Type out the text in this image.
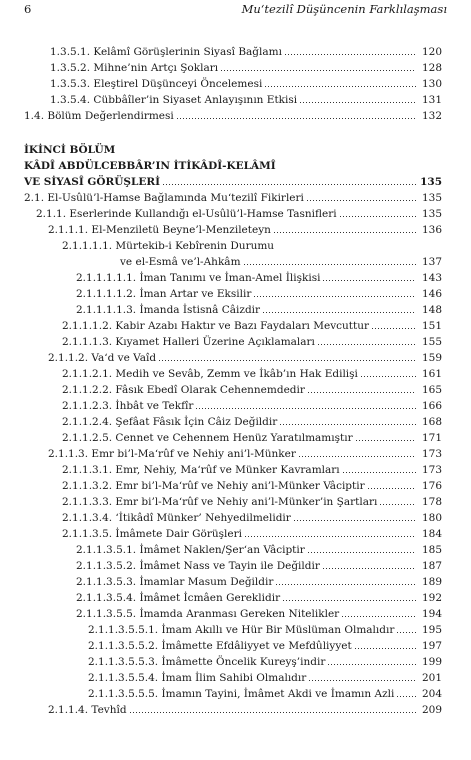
6	Mu‘tezilî Düşüncenin Farklılaşması
1.3.5.1. Kelâmî Görüşlerinin Siyasî Bağlamı	120
1.3.5.2. Mihne’nin Artçı Şokları	128
1.3.5.3. Eleştirel Düşünceyi Öncelemesi	130
1.3.5.4. Cübbâîler’in Siyaset Anlayışının Etkisi	131
1.4. Bölüm Değerlendirmesi	132
İKİNCİ BÖLÜM
KÂDÎ ABDÜLCEBBÂR’IN İTİKÂDÎ-KELÂMÎ
VE SİYASÎ GÖRÜŞLERİ	135
2.1. El-Usûlü’l-Hamse Bağlamında Mu‘tezilî Fikirleri	135
2.1.1. Eserlerinde Kullandığı el-Usûlü’l-Hamse Tasnifleri	135
2.1.1.1. El-Menziletü Beyne’l-Menzileteyn	136
2.1.1.1.1. Mürtekib-i Kebîrenin Durumu
ve el-Esmâ ve’l-Ahkâm	137
2.1.1.1.1.1. İman Tanımı ve İman-Amel İlişkisi	143
2.1.1.1.1.2. İman Artar ve Eksilir	146
2.1.1.1.1.3. İmanda İstisnâ Câizdir	148
2.1.1.1.2. Kabir Azabı Haktır ve Bazı Faydaları Mevcuttur	151
2.1.1.1.3. Kıyamet Halleri Üzerine Açıklamaları	155
2.1.1.2. Va‘d ve Vaîd	159
2.1.1.2.1. Medih ve Sevâb, Zemm ve İkâb’ın Hak Edilişi	161
2.1.1.2.2. Fâsık Ebedî Olarak Cehennemdedir	165
2.1.1.2.3. İhbât ve Tekfîr	166
2.1.1.2.4. Şefâat Fâsık İçin Câiz Değildir	168
2.1.1.2.5. Cennet ve Cehennem Henüz Yaratılmamıştır	171
2.1.1.3. Emr bi’l-Ma‘rûf ve Nehiy ani’l-Münker	173
2.1.1.3.1. Emr, Nehiy, Ma‘rûf ve Münker Kavramları	173
2.1.1.3.2. Emr bi’l-Ma‘rûf ve Nehiy ani’l-Münker Vâciptir	176
2.1.1.3.3. Emr bi’l-Ma‘rûf ve Nehiy ani’l-Münker’in Şartları	178
2.1.1.3.4. ‘İtikâdî Münker’ Nehyedilmelidir	180
2.1.1.3.5. İmâmete Dair Görüşleri	184
2.1.1.3.5.1. İmâmet Naklen/Şer‘an Vâciptir	185
2.1.1.3.5.2. İmâmet Nass ve Tayin ile Değildir	187
2.1.1.3.5.3. İmamlar Masum Değildir	189
2.1.1.3.5.4. İmâmet İcmâen Gereklidir	192
2.1.1.3.5.5. İmamda Aranması Gereken Nitelikler	194
2.1.1.3.5.5.1. İmam Akıllı ve Hür Bir Müslüman Olmalıdır	195
2.1.1.3.5.5.2. İmâmette Efdâliyyet ve Mefdûliyyet	197
2.1.1.3.5.5.3. İmâmette Öncelik Kureyş’indir	199
2.1.1.3.5.5.4. İmam İlim Sahibi Olmalıdır	201
2.1.1.3.5.5.5. İmamın Tayini, İmâmet Akdi ve İmamın Azli	204
2.1.1.4. Tevhîd	209
